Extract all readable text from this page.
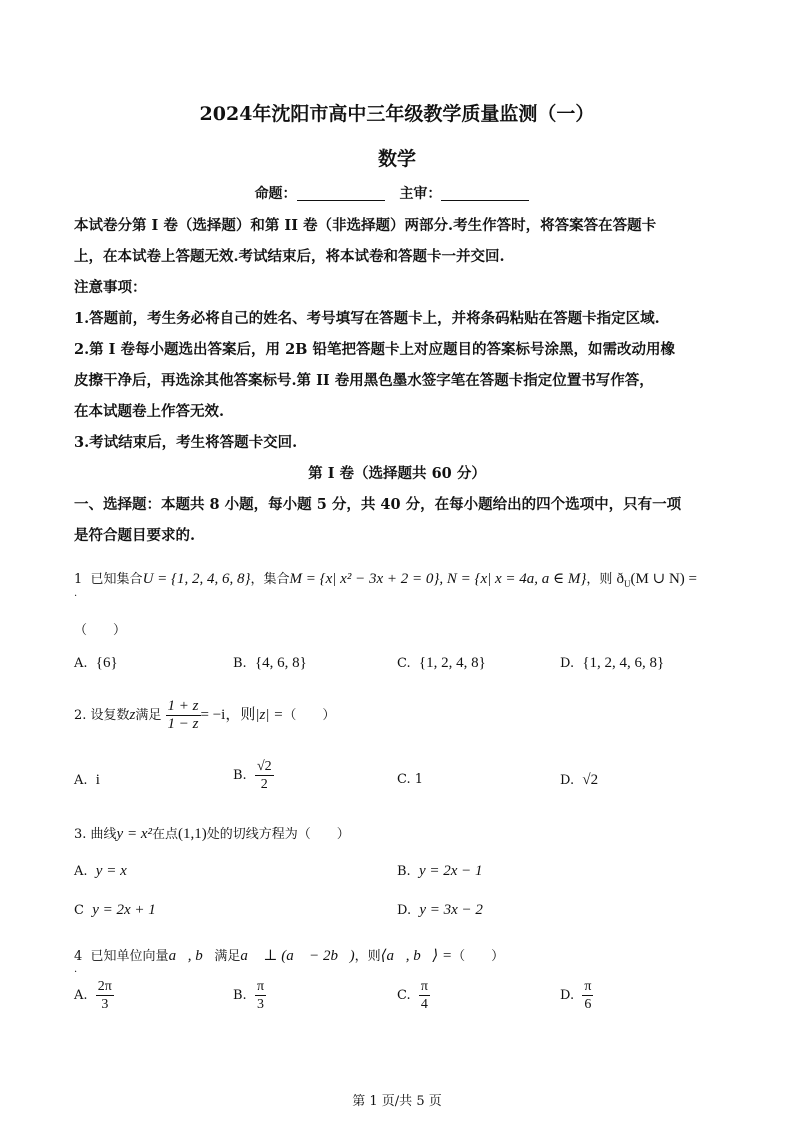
2024年沈阳市高中三年级教学质量监测（一）
数学
命题：	主审：
本试卷分第 I 卷（选择题）和第 II 卷（非选择题）两部分.考生作答时，将答案答在答题卡
上，在本试卷上答题无效.考试结束后，将本试卷和答题卡一并交回.
注意事项：
1.答题前，考生务必将自己的姓名、考号填写在答题卡上，并将条码粘贴在答题卡指定区域.
2.第 I 卷每小题选出答案后，用 2B 铅笔把答题卡上对应题目的答案标号涂黑，如需改动用橡
皮擦干净后，再选涂其他答案标号.第 II 卷用黑色墨水签字笔在答题卡指定位置书写作答，
在本试题卷上作答无效.
3.考试结束后，考生将答题卡交回.
第 I 卷（选择题共 60 分）
一、选择题：本题共 8 小题，每小题 5 分，共 40 分，在每小题给出的四个选项中，只有一项
是符合题目要求的.
1 已知集合U = {1, 2, 4, 6, 8}，集合M = {x| x² − 3x + 2 = 0}, N = {x| x = 4a, a ∈ M}，则 $ð_U(M$ ∪ N) =
.
（　　）
A. {6}	B. {4, 6, 8}	C. {1, 2, 4, 8}	D. {1, 2, 4, 6, 8}
2. 设复数z满足 $\frac{1 + z}{1 - z} = -i$，则|z| =（　　）
A. i	B. $\frac{√2}{2}$	C. 1	D. √2
3. 曲线y = x²在点(1,1)处的切线方程为（　　）
A. y = x	B. y = 2x − 1
C y = 2x + 1	D. y = 3x − 2
4 已知单位向量a⃗, b⃗满足a⃗ ⊥ (a⃗ − 2b⃗)，则⟨a⃗, b⃗⟩ =（　　）
.
A. $\frac{2\pi}{3}$	B. $\frac{\pi}{3}$	C. $\frac{\pi}{4}$	D. $\frac{\pi}{6}$
第 1 页/共 5 页
